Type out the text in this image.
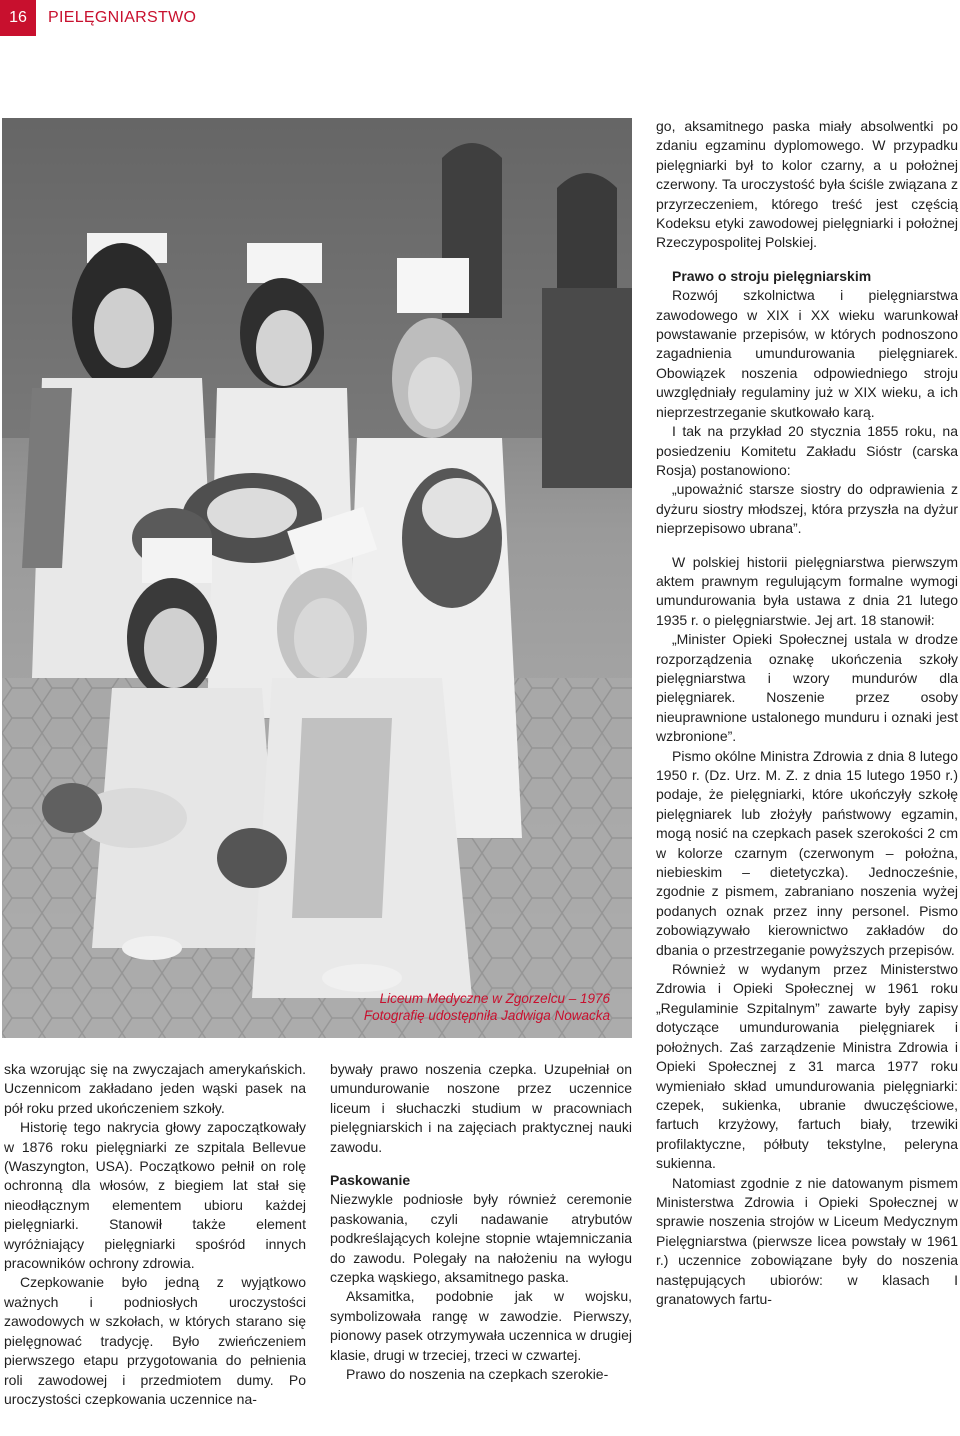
16	PIELĘGNIARSTWO
Liceum Medyczne w Zgorzelcu – 1976
Fotografię udostępniła Jadwiga Nowacka

ska wzorując się na zwyczajach amerykańskich. Uczennicom zakładano jeden wąski pasek na pół roku przed ukończeniem szkoły.

Historię tego nakrycia głowy zapoczątkowały w 1876 roku pielęgniarki ze szpitala Bellevue (Waszyngton, USA). Początkowo pełnił on rolę ochronną dla włosów, z biegiem lat stał się nieodłącznym elementem ubioru każdej pielęgniarki. Stanowił także element wyróżniający pielęgniarki spośród innych pracowników ochrony zdrowia.

Czepkowanie było jedną z wyjątkowo ważnych i podniosłych uroczystości zawodowych w szkołach, w których starano się pielęgnować tradycję. Było zwieńczeniem pierwszego etapu przygotowania do pełnienia roli zawodowej i przedmiotem dumy. Po uroczystości czepkowania uczennice na-

bywały prawo noszenia czepka. Uzupełniał on umundurowanie noszone przez uczennice liceum i słuchaczki studium w pracowniach pielęgniarskich i na zajęciach praktycznej nauki zawodu.

Paskowanie

Niezwykle podniosłe były również ceremonie paskowania, czyli nadawanie atrybutów podkreślających kolejne stopnie wtajemniczania do zawodu. Polegały na nałożeniu na wyłogu czepka wąskiego, aksamitnego paska.

Aksamitka, podobnie jak w wojsku, symbolizowała rangę w zawodzie. Pierwszy, pionowy pasek otrzymywała uczennica w drugiej klasie, drugi w trzeciej, trzeci w czwartej.

Prawo do noszenia na czepkach szerokie-

go, aksamitnego paska miały absolwentki po zdaniu egzaminu dyplomowego. W przypadku pielęgniarki był to kolor czarny, a u położnej czerwony. Ta uroczystość była ściśle związana z przyrzeczeniem, którego treść jest częścią Kodeksu etyki zawodowej pielęgniarki i położnej Rzeczypospolitej Polskiej.

Prawo o stroju pielęgniarskim

Rozwój szkolnictwa i pielęgniarstwa zawodowego w XIX i XX wieku warunkował powstawanie przepisów, w których podnoszono zagadnienia umundurowania pielęgniarek. Obowiązek noszenia odpowiedniego stroju uwzględniały regulaminy już w XIX wieku, a ich nieprzestrzeganie skutkowało karą.

I tak na przykład 20 stycznia 1855 roku, na posiedzeniu Komitetu Zakładu Sióstr (carska Rosja) postanowiono:

„upoważnić starsze siostry do odprawienia z dyżuru siostry młodszej, która przyszła na dyżur nieprzepisowo ubrana”.

W polskiej historii pielęgniarstwa pierwszym aktem prawnym regulującym formalne wymogi umundurowania była ustawa z dnia 21 lutego 1935 r. o pielęgniarstwie. Jej art. 18 stanowił:

„Minister Opieki Społecznej ustala w drodze rozporządzenia oznakę ukończenia szkoły pielęgniarstwa i wzory mundurów dla pielęgniarek. Noszenie przez osoby nieuprawnione ustalonego munduru i oznaki jest wzbronione”.

Pismo okólne Ministra Zdrowia z dnia 8 lutego 1950 r. (Dz. Urz. M. Z. z dnia 15 lutego 1950 r.) podaje, że pielęgniarki, które ukończyły szkołę pielęgniarek lub złożyły państwowy egzamin, mogą nosić na czepkach pasek szerokości 2 cm w kolorze czarnym (czerwonym – położna, niebieskim – dietetyczka). Jednocześnie, zgodnie z pismem, zabraniano noszenia wyżej podanych oznak przez inny personel. Pismo zobowiązywało kierownictwo zakładów do dbania o przestrzeganie powyższych przepisów.

Również w wydanym przez Ministerstwo Zdrowia i Opieki Społecznej w 1961 roku „Regulaminie Szpitalnym” zawarte były zapisy dotyczące umundurowania pielęgniarek i położnych. Zaś zarządzenie Ministra Zdrowia i Opieki Społecznej z 31 marca 1977 roku wymieniało skład umundurowania pielęgniarki: czepek, sukienka, ubranie dwuczęściowe, fartuch krzyżowy, fartuch biały, trzewiki profilaktyczne, półbuty tekstylne, peleryna sukienna.

Natomiast zgodnie z nie datowanym pismem Ministerstwa Zdrowia i Opieki Społecznej w sprawie noszenia strojów w Liceum Medycznym Pielęgniarstwa (pierwsze licea powstały w 1961 r.) uczennice zobowiązane były do noszenia następujących ubiorów: w klasach I granatowych fartu-
